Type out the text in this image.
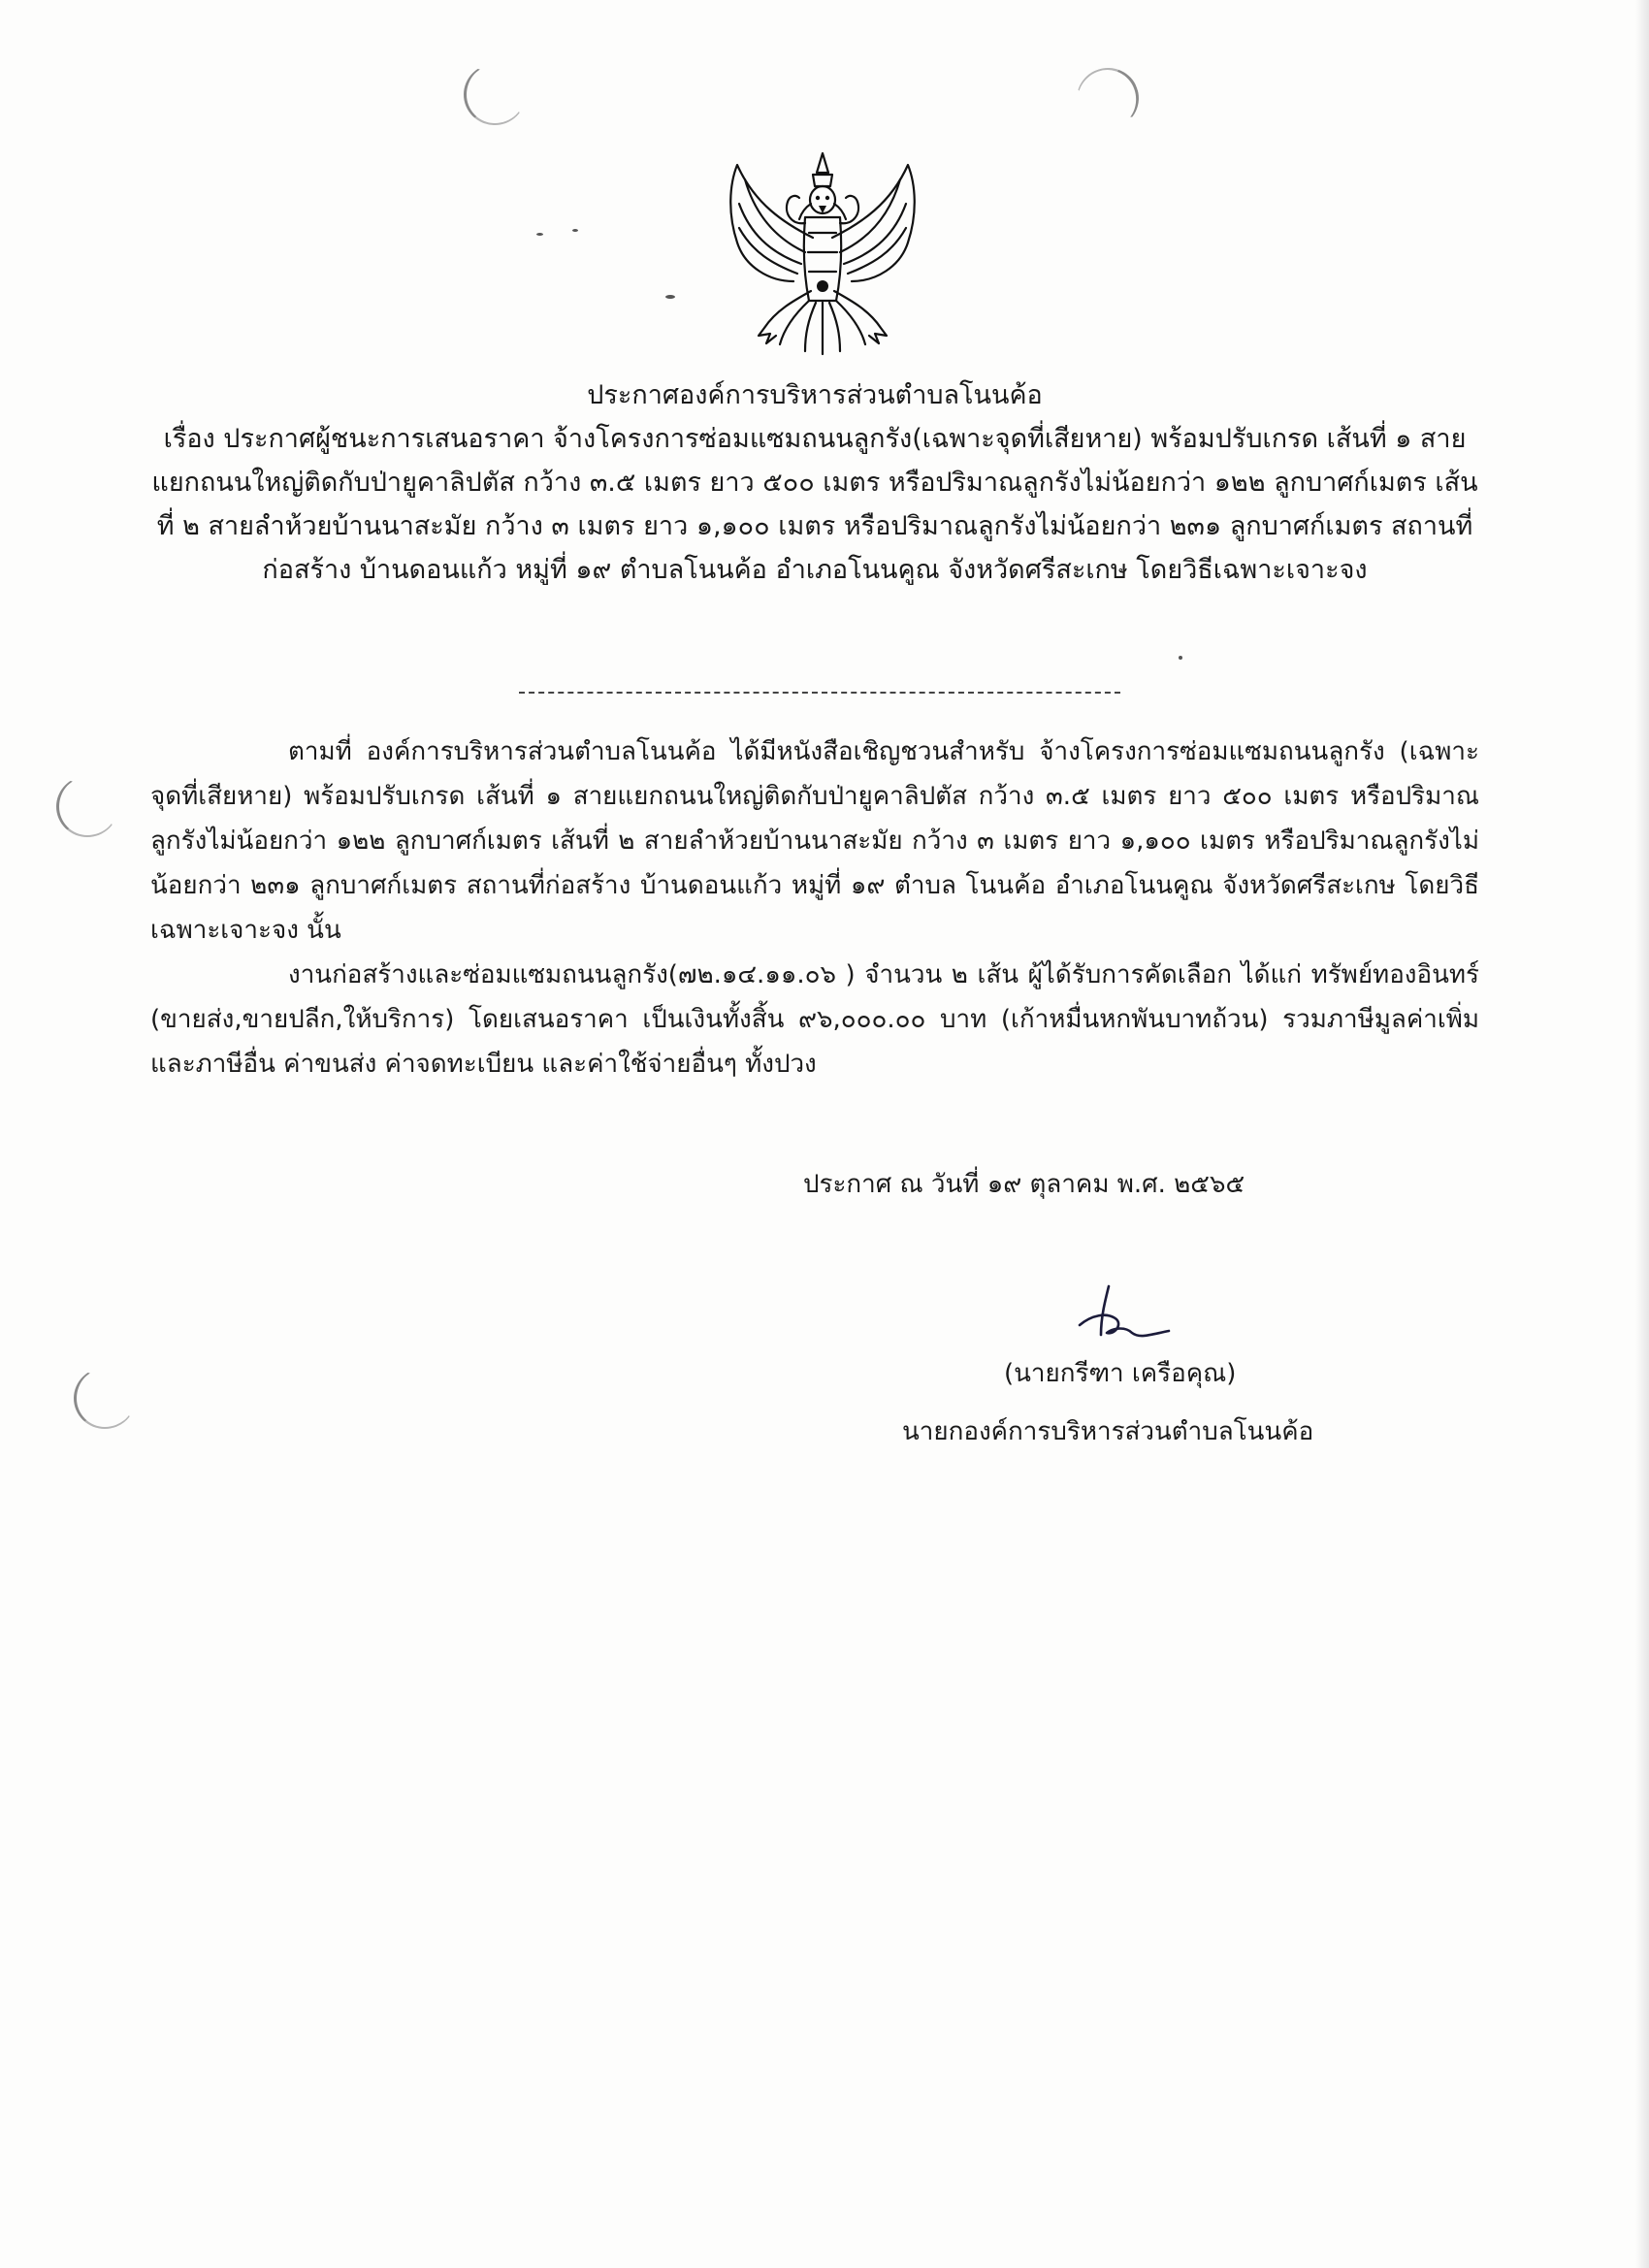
ประกาศองค์การบริหารส่วนตำบลโนนค้อ
เรื่อง ประกาศผู้ชนะการเสนอราคา จ้างโครงการซ่อมแซมถนนลูกรัง(เฉพาะจุดที่เสียหาย) พร้อมปรับเกรด เส้นที่ ๑ สายแยกถนนใหญ่ติดกับป่ายูคาลิปตัส กว้าง ๓.๕ เมตร ยาว ๕๐๐ เมตร หรือปริมาณลูกรังไม่น้อยกว่า ๑๒๒ ลูกบาศก์เมตร เส้นที่ ๒ สายลำห้วยบ้านนาสะมัย กว้าง ๓ เมตร ยาว ๑,๑๐๐ เมตร หรือปริมาณลูกรังไม่น้อยกว่า ๒๓๑ ลูกบาศก์เมตร สถานที่ก่อสร้าง บ้านดอนแก้ว หมู่ที่ ๑๙ ตำบลโนนค้อ อำเภอโนนคูณ จังหวัดศรีสะเกษ โดยวิธีเฉพาะเจาะจง

ตามที่ องค์การบริหารส่วนตำบลโนนค้อ ได้มีหนังสือเชิญชวนสำหรับ จ้างโครงการซ่อมแซมถนนลูกรัง (เฉพาะจุดที่เสียหาย) พร้อมปรับเกรด เส้นที่ ๑ สายแยกถนนใหญ่ติดกับป่ายูคาลิปตัส กว้าง ๓.๕ เมตร ยาว ๕๐๐ เมตร หรือปริมาณลูกรังไม่น้อยกว่า ๑๒๒ ลูกบาศก์เมตร เส้นที่ ๒ สายลำห้วยบ้านนาสะมัย กว้าง ๓ เมตร ยาว ๑,๑๐๐ เมตร หรือปริมาณลูกรังไม่น้อยกว่า ๒๓๑ ลูกบาศก์เมตร สถานที่ก่อสร้าง บ้านดอนแก้ว หมู่ที่ ๑๙ ตำบล โนนค้อ อำเภอโนนคูณ จังหวัดศรีสะเกษ โดยวิธีเฉพาะเจาะจง นั้น

งานก่อสร้างและซ่อมแซมถนนลูกรัง(๗๒.๑๔.๑๑.๐๖ ) จำนวน ๒ เส้น ผู้ได้รับการคัดเลือก ได้แก่ ทรัพย์ทองอินทร์ (ขายส่ง,ขายปลีก,ให้บริการ) โดยเสนอราคา เป็นเงินทั้งสิ้น ๙๖,๐๐๐.๐๐ บาท (เก้าหมื่นหกพันบาทถ้วน) รวมภาษีมูลค่าเพิ่มและภาษีอื่น ค่าขนส่ง ค่าจดทะเบียน และค่าใช้จ่ายอื่นๆ ทั้งปวง

ประกาศ ณ วันที่ ๑๙ ตุลาคม พ.ศ. ๒๕๖๕
(นายกรีฑา เครือคุณ)
นายกองค์การบริหารส่วนตำบลโนนค้อ
